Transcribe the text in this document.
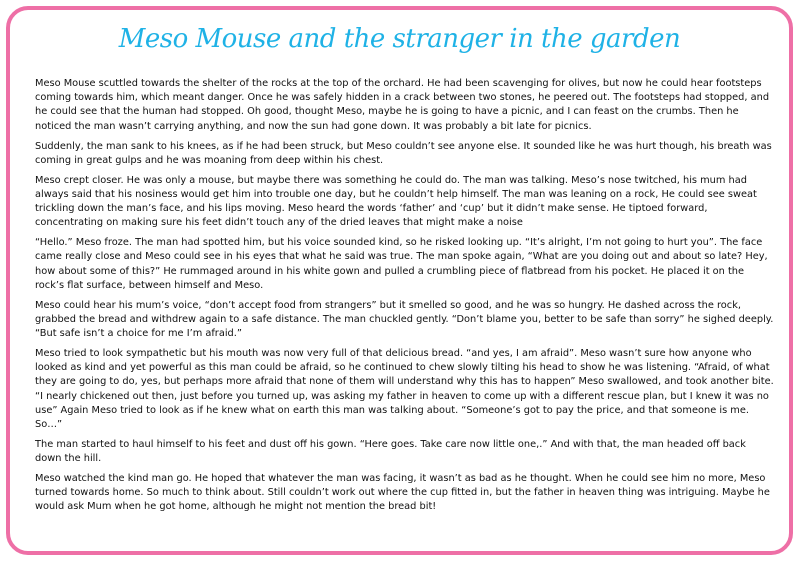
Meso Mouse and the stranger in the garden

Meso Mouse scuttled towards the shelter of the rocks at the top of the orchard. He had been scavenging for olives, but now he could hear footsteps coming towards him, which meant danger. Once he was safely hidden in a crack between two stones, he peered out. The footsteps had stopped, and he could see that the human had stopped. Oh good, thought Meso, maybe he is going to have a picnic, and I can feast on the crumbs. Then he noticed the man wasn’t carrying anything, and now the sun had gone down. It was probably a bit late for picnics.

Suddenly, the man sank to his knees, as if he had been struck, but Meso couldn’t see anyone else. It sounded like he was hurt though, his breath was coming in great gulps and he was moaning from deep within his chest.

Meso crept closer. He was only a mouse, but maybe there was something he could do. The man was talking. Meso’s nose twitched, his mum had always said that his nosiness would get him into trouble one day, but he couldn’t help himself. The man was leaning on a rock, He could see sweat trickling down the man’s face, and his lips moving. Meso heard the words ‘father’ and ‘cup’ but it didn’t make sense. He tiptoed forward, concentrating on making sure his feet didn’t touch any of the dried leaves that might make a noise

“Hello.” Meso froze. The man had spotted him, but his voice sounded kind, so he risked looking up. “It’s alright, I’m not going to hurt you”. The face came really close and Meso could see in his eyes that what he said was true. The man spoke again, “What are you doing out and about so late? Hey, how about some of this?” He rummaged around in his white gown and pulled a crumbling piece of flatbread from his pocket. He placed it on the rock’s flat surface, between himself and Meso.

Meso could hear his mum’s voice, “don’t accept food from strangers” but it smelled so good, and he was so hungry. He dashed across the rock, grabbed the bread and withdrew again to a safe distance. The man chuckled gently. “Don’t blame you, better to be safe than sorry” he sighed deeply. “But safe isn’t a choice for me I’m afraid.”

Meso tried to look sympathetic but his mouth was now very full of that delicious bread. “and yes, I am afraid”. Meso wasn’t sure how anyone who looked as kind and yet powerful as this man could be afraid, so he continued to chew slowly tilting his head to show he was listening. “Afraid, of what they are going to do, yes, but perhaps more afraid that none of them will understand why this has to happen” Meso swallowed, and took another bite. “I nearly chickened out then, just before you turned up, was asking my father in heaven to come up with a different rescue plan, but I knew it was no use” Again Meso tried to look as if he knew what on earth this man was talking about. “Someone’s got to pay the price, and that someone is me. So…”

The man started to haul himself to his feet and dust off his gown. “Here goes. Take care now little one,.” And with that, the man headed off back down the hill.

Meso watched the kind man go. He hoped that whatever the man was facing, it wasn’t as bad as he thought. When he could see him no more, Meso turned towards home. So much to think about. Still couldn’t work out where the cup fitted in, but the father in heaven thing was intriguing. Maybe he would ask Mum when he got home, although he might not mention the bread bit!
